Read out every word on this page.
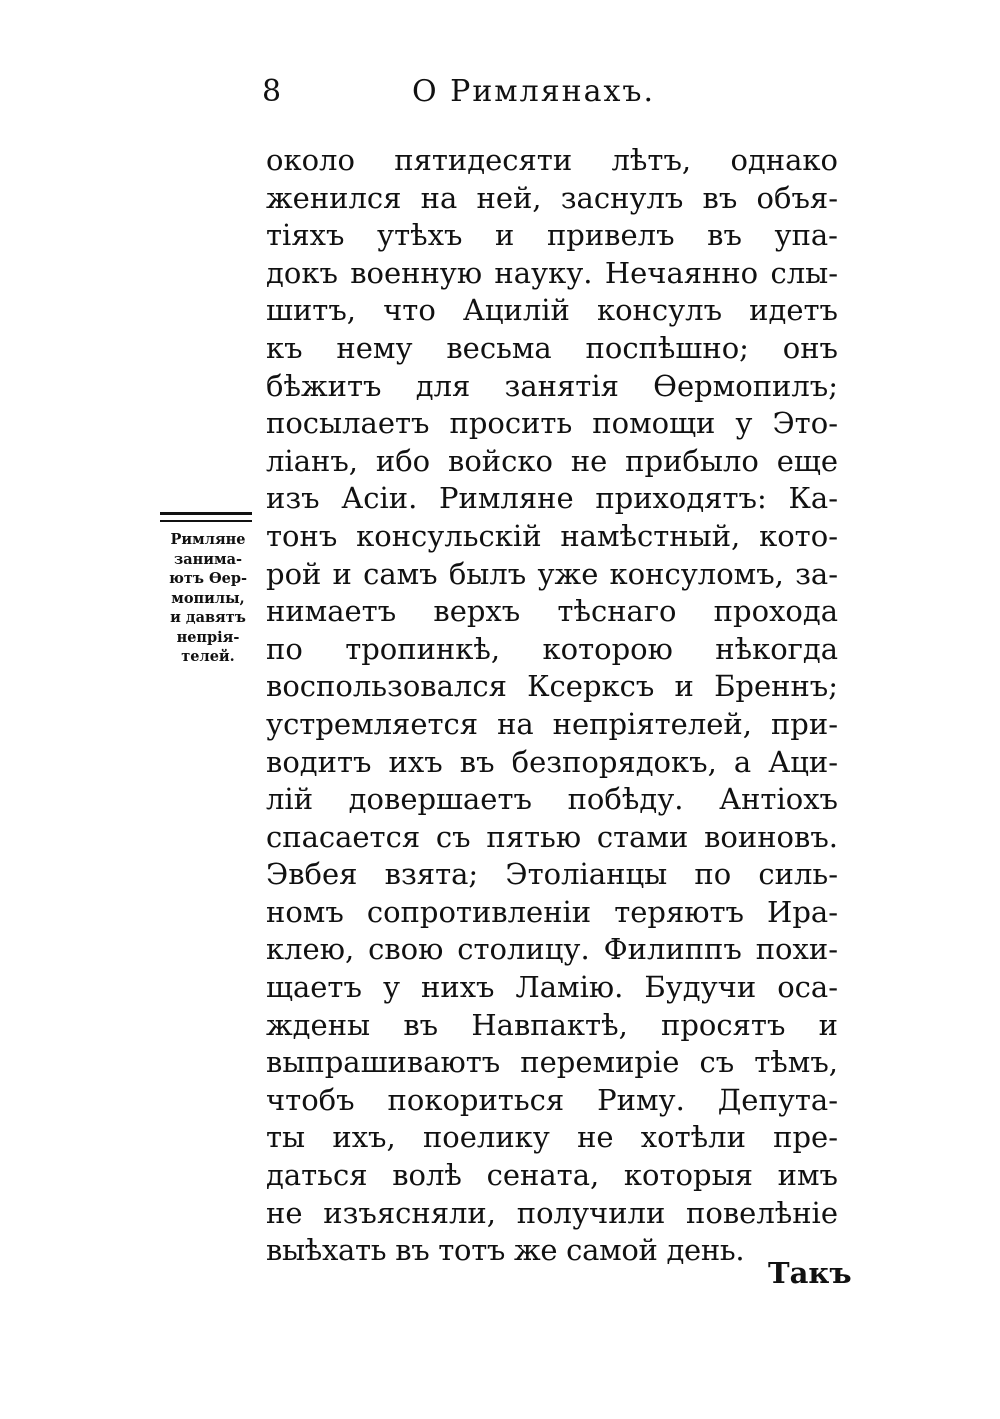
8	О Римлянахъ.
Римляне
занима-
ютъ Өер-
мопилы,
и давятъ
непрія-
телей.
около пятидесяти лѣтъ, однако
женился на ней, заснулъ въ объя-
тіяхъ утѣхъ и привелъ въ упа-
докъ военную науку. Нечаянно слы-
шитъ, что Ацилій консулъ идетъ
къ нему весьма поспѣшно; онъ
бѣжитъ для занятія Өермопилъ;
посылаетъ просить помощи у Это-
ліанъ, ибо войско не прибыло еще
изъ Асіи. Римляне приходятъ: Ка-
тонъ консульскій намѣстный, кото-
рой и самъ былъ уже консуломъ, за-
нимаетъ верхъ тѣснаго прохода
по тропинкѣ, которою нѣкогда
воспользовался Ксерксъ и Бреннъ;
устремляется на непріятелей, при-
водитъ ихъ въ безпорядокъ, а Аци-
лій довершаетъ побѣду. Антіохъ
спасается съ пятью стами воиновъ.
Эвбея взята; Этоліанцы по силь-
номъ сопротивленіи теряютъ Ира-
клею, свою столицу. Филиппъ похи-
щаетъ у нихъ Ламію. Будучи оса-
ждены въ Навпактѣ, просятъ и
выпрашиваютъ перемиріе съ тѣмъ,
чтобъ покориться Риму. Депута-
ты ихъ, поелику не хотѣли пре-
даться волѣ сената, которыя имъ
не изъясняли, получили повелѣніе
выѣхать въ тотъ же самой день.
Такъ
